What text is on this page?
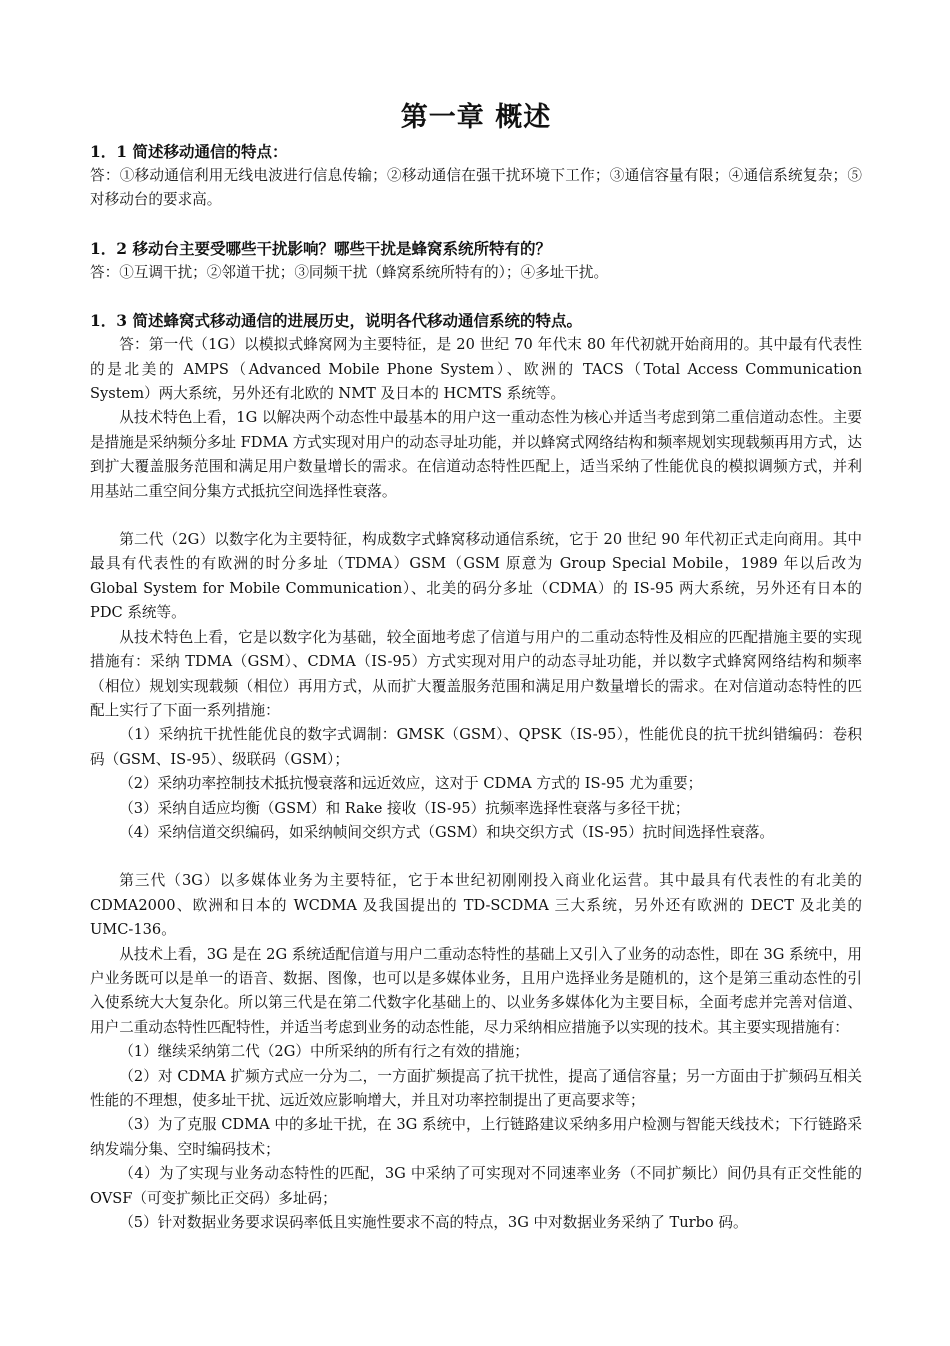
第一章 概述
1．1 简述移动通信的特点：

答：①移动通信利用无线电波进行信息传输；②移动通信在强干扰环境下工作；③通信容量有限；④通信系统复杂；⑤对移动台的要求高。

1．2 移动台主要受哪些干扰影响？哪些干扰是蜂窝系统所特有的？

答：①互调干扰；②邻道干扰；③同频干扰（蜂窝系统所特有的）；④多址干扰。

1．3 简述蜂窝式移动通信的进展历史，说明各代移动通信系统的特点。

答：第一代（1G）以模拟式蜂窝网为主要特征，是 20 世纪 70 年代末 80 年代初就开始商用的。其中最有代表性的是北美的 AMPS（Advanced Mobile Phone System）、欧洲的 TACS（Total Access Communication System）两大系统，另外还有北欧的 NMT 及日本的 HCMTS 系统等。

从技术特色上看，1G 以解决两个动态性中最基本的用户这一重动态性为核心并适当考虑到第二重信道动态性。主要是措施是采纳频分多址 FDMA 方式实现对用户的动态寻址功能，并以蜂窝式网络结构和频率规划实现载频再用方式，达到扩大覆盖服务范围和满足用户数量增长的需求。在信道动态特性匹配上，适当采纳了性能优良的模拟调频方式，并利用基站二重空间分集方式抵抗空间选择性衰落。

第二代（2G）以数字化为主要特征，构成数字式蜂窝移动通信系统，它于 20 世纪 90 年代初正式走向商用。其中最具有代表性的有欧洲的时分多址（TDMA）GSM（GSM 原意为 Group Special Mobile，1989 年以后改为 Global System for Mobile Communication）、北美的码分多址（CDMA）的 IS-95 两大系统，另外还有日本的 PDC 系统等。

从技术特色上看，它是以数字化为基础，较全面地考虑了信道与用户的二重动态特性及相应的匹配措施主要的实现措施有：采纳 TDMA（GSM）、CDMA（IS-95）方式实现对用户的动态寻址功能，并以数字式蜂窝网络结构和频率（相位）规划实现载频（相位）再用方式，从而扩大覆盖服务范围和满足用户数量增长的需求。在对信道动态特性的匹配上实行了下面一系列措施：

（1）采纳抗干扰性能优良的数字式调制：GMSK（GSM）、QPSK（IS-95），性能优良的抗干扰纠错编码：卷积码（GSM、IS-95）、级联码（GSM）；

（2）采纳功率控制技术抵抗慢衰落和远近效应，这对于 CDMA 方式的 IS-95 尤为重要；

（3）采纳自适应均衡（GSM）和 Rake 接收（IS-95）抗频率选择性衰落与多径干扰；

（4）采纳信道交织编码，如采纳帧间交织方式（GSM）和块交织方式（IS-95）抗时间选择性衰落。

第三代（3G）以多媒体业务为主要特征，它于本世纪初刚刚投入商业化运营。其中最具有代表性的有北美的 CDMA2000、欧洲和日本的 WCDMA 及我国提出的 TD-SCDMA 三大系统，另外还有欧洲的 DECT 及北美的 UMC-136。

从技术上看，3G 是在 2G 系统适配信道与用户二重动态特性的基础上又引入了业务的动态性，即在 3G 系统中，用户业务既可以是单一的语音、数据、图像，也可以是多媒体业务，且用户选择业务是随机的，这个是第三重动态性的引入使系统大大复杂化。所以第三代是在第二代数字化基础上的、以业务多媒体化为主要目标，全面考虑并完善对信道、用户二重动态特性匹配特性，并适当考虑到业务的动态性能，尽力采纳相应措施予以实现的技术。其主要实现措施有：

（1）继续采纳第二代（2G）中所采纳的所有行之有效的措施；

（2）对 CDMA 扩频方式应一分为二，一方面扩频提高了抗干扰性，提高了通信容量；另一方面由于扩频码互相关性能的不理想，使多址干扰、远近效应影响增大，并且对功率控制提出了更高要求等；

（3）为了克服 CDMA 中的多址干扰，在 3G 系统中，上行链路建议采纳多用户检测与智能天线技术；下行链路采纳发端分集、空时编码技术；

（4）为了实现与业务动态特性的匹配，3G 中采纳了可实现对不同速率业务（不同扩频比）间仍具有正交性能的 OVSF（可变扩频比正交码）多址码；

（5）针对数据业务要求误码率低且实施性要求不高的特点，3G 中对数据业务采纳了 Turbo 码。
